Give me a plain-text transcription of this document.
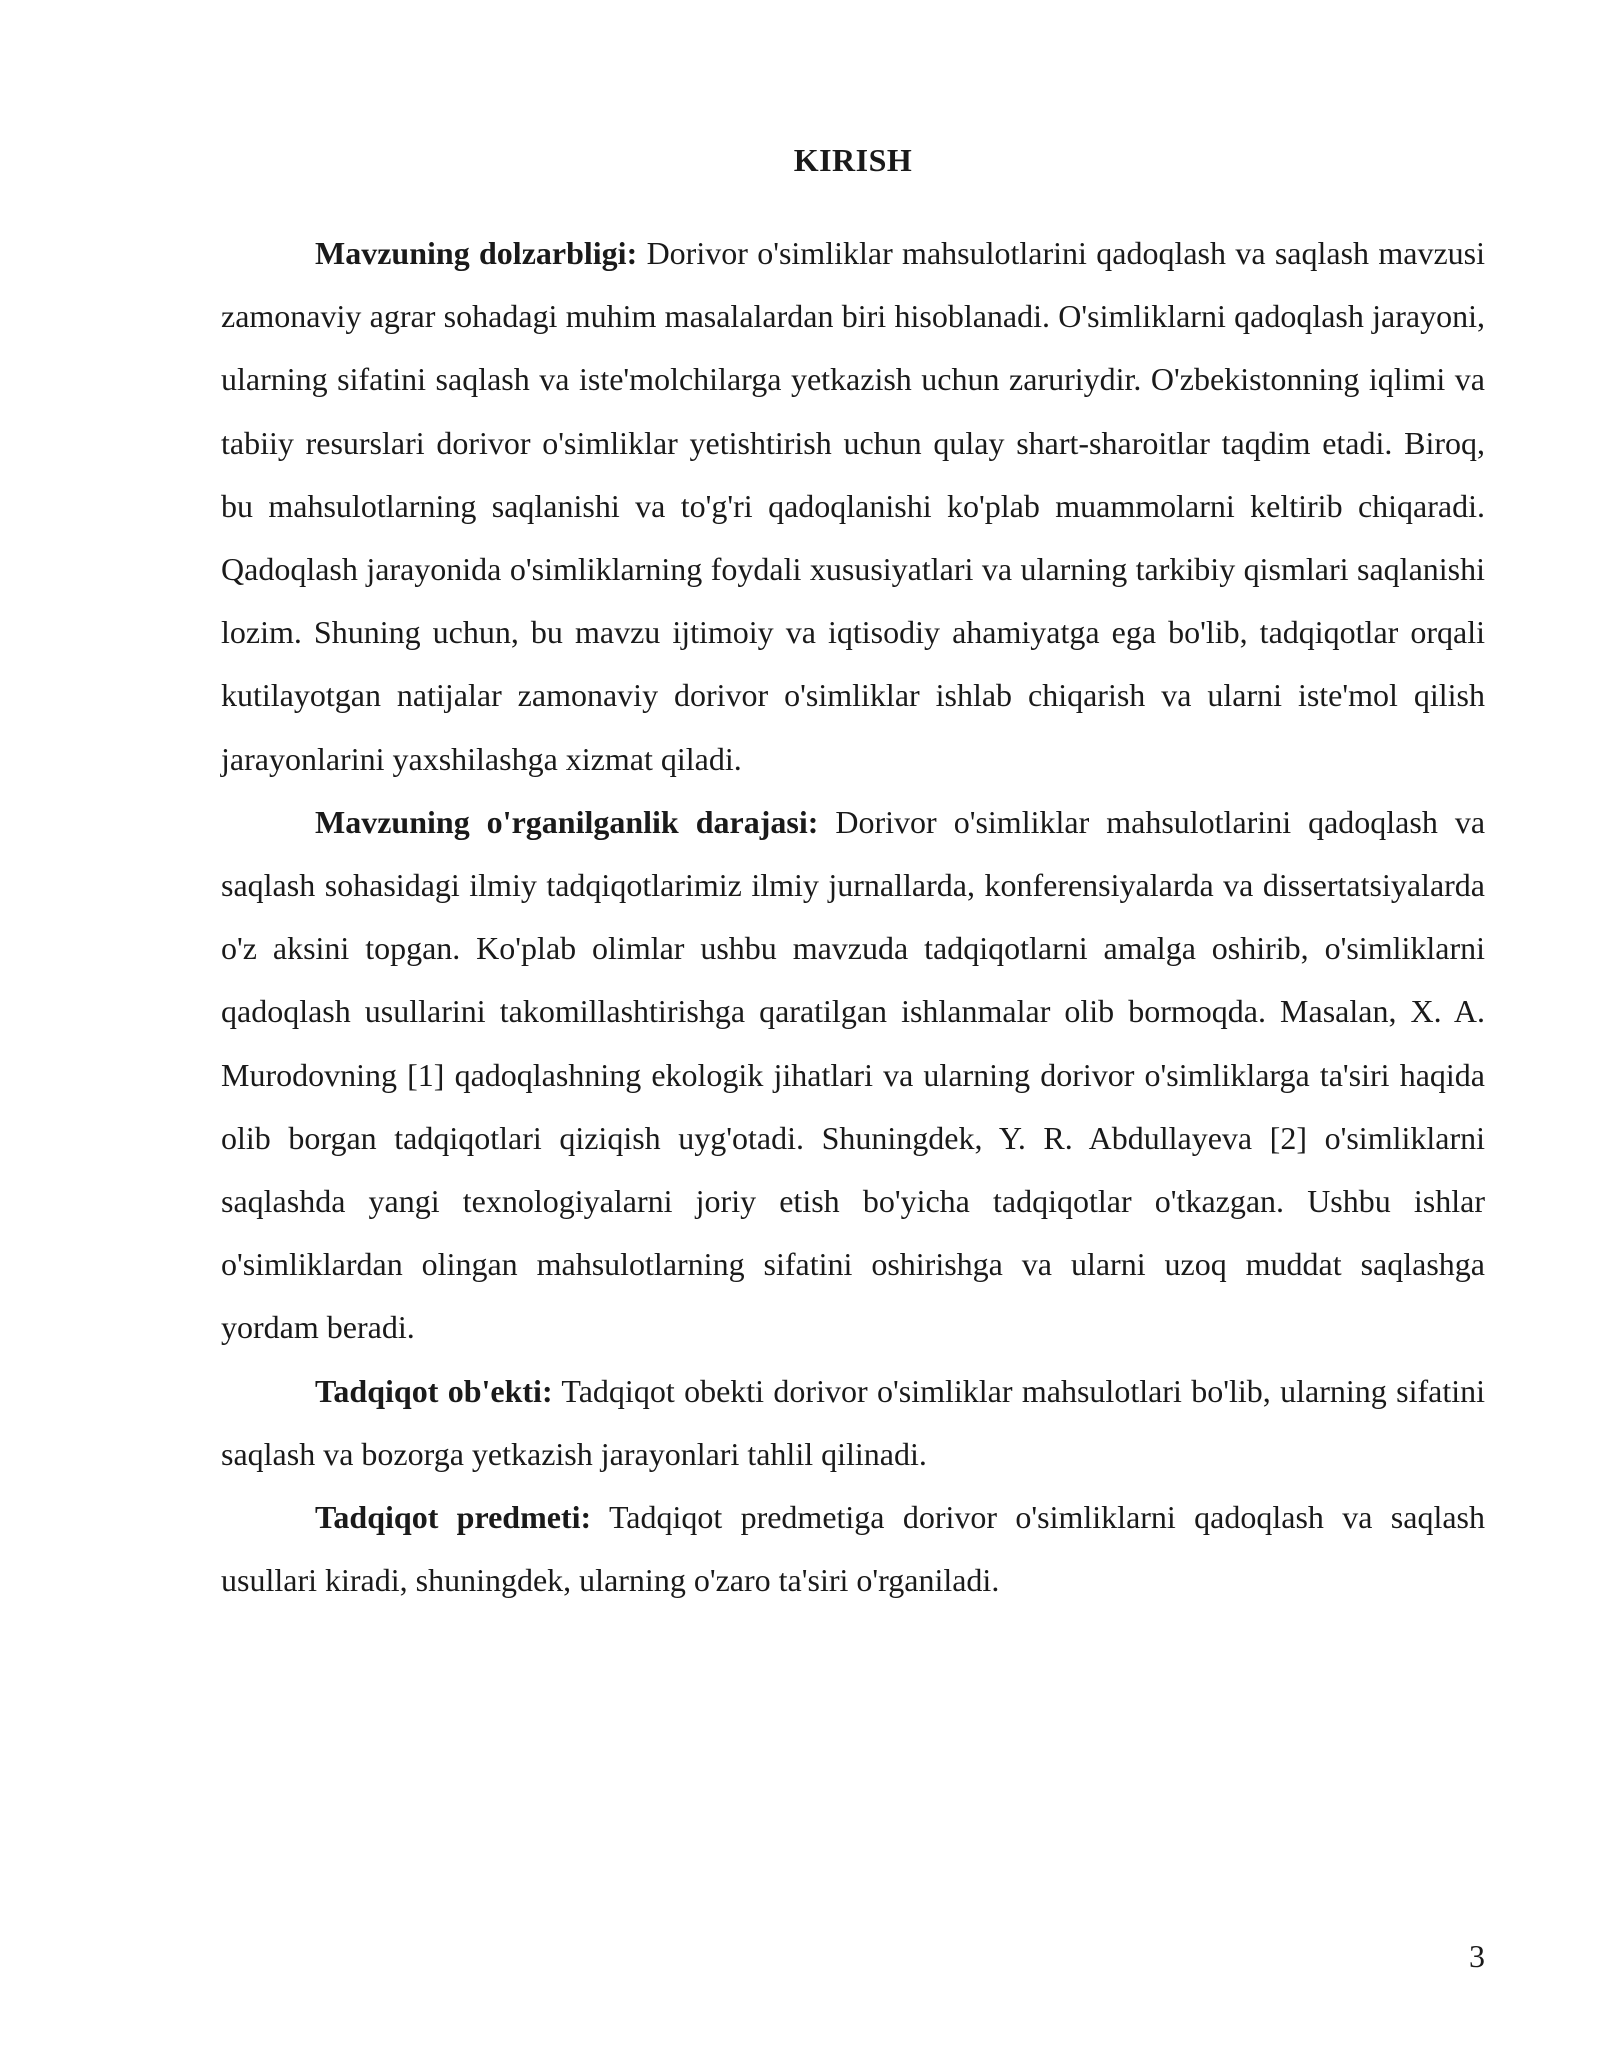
KIRISH

Mavzuning dolzarbligi: Dorivor o'simliklar mahsulotlarini qadoqlash va saqlash mavzusi zamonaviy agrar sohadagi muhim masalalardan biri hisoblanadi. O'simliklarni qadoqlash jarayoni, ularning sifatini saqlash va iste'molchilarga yetkazish uchun zaruriydir. O'zbekistonning iqlimi va tabiiy resurslari dorivor o'simliklar yetishtirish uchun qulay shart-sharoitlar taqdim etadi. Biroq, bu mahsulotlarning saqlanishi va to'g'ri qadoqlanishi ko'plab muammolarni keltirib chiqaradi. Qadoqlash jarayonida o'simliklarning foydali xususiyatlari va ularning tarkibiy qismlari saqlanishi lozim. Shuning uchun, bu mavzu ijtimoiy va iqtisodiy ahamiyatga ega bo'lib, tadqiqotlar orqali kutilayotgan natijalar zamonaviy dorivor o'simliklar ishlab chiqarish va ularni iste'mol qilish jarayonlarini yaxshilashga xizmat qiladi.

Mavzuning o'rganilganlik darajasi: Dorivor o'simliklar mahsulotlarini qadoqlash va saqlash sohasidagi ilmiy tadqiqotlarimiz ilmiy jurnallarda, konferensiyalarda va dissertatsiyalarda o'z aksini topgan. Ko'plab olimlar ushbu mavzuda tadqiqotlarni amalga oshirib, o'simliklarni qadoqlash usullarini takomillashtirishga qaratilgan ishlanmalar olib bormoqda. Masalan, X. A. Murodovning [1] qadoqlashning ekologik jihatlari va ularning dorivor o'simliklarga ta'siri haqida olib borgan tadqiqotlari qiziqish uyg'otadi. Shuningdek, Y. R. Abdullayeva [2] o'simliklarni saqlashda yangi texnologiyalarni joriy etish bo'yicha tadqiqotlar o'tkazgan. Ushbu ishlar o'simliklardan olingan mahsulotlarning sifatini oshirishga va ularni uzoq muddat saqlashga yordam beradi.

Tadqiqot ob'ekti: Tadqiqot obekti dorivor o'simliklar mahsulotlari bo'lib, ularning sifatini saqlash va bozorga yetkazish jarayonlari tahlil qilinadi.

Tadqiqot predmeti: Tadqiqot predmetiga dorivor o'simliklarni qadoqlash va saqlash usullari kiradi, shuningdek, ularning o'zaro ta'siri o'rganiladi.

3
